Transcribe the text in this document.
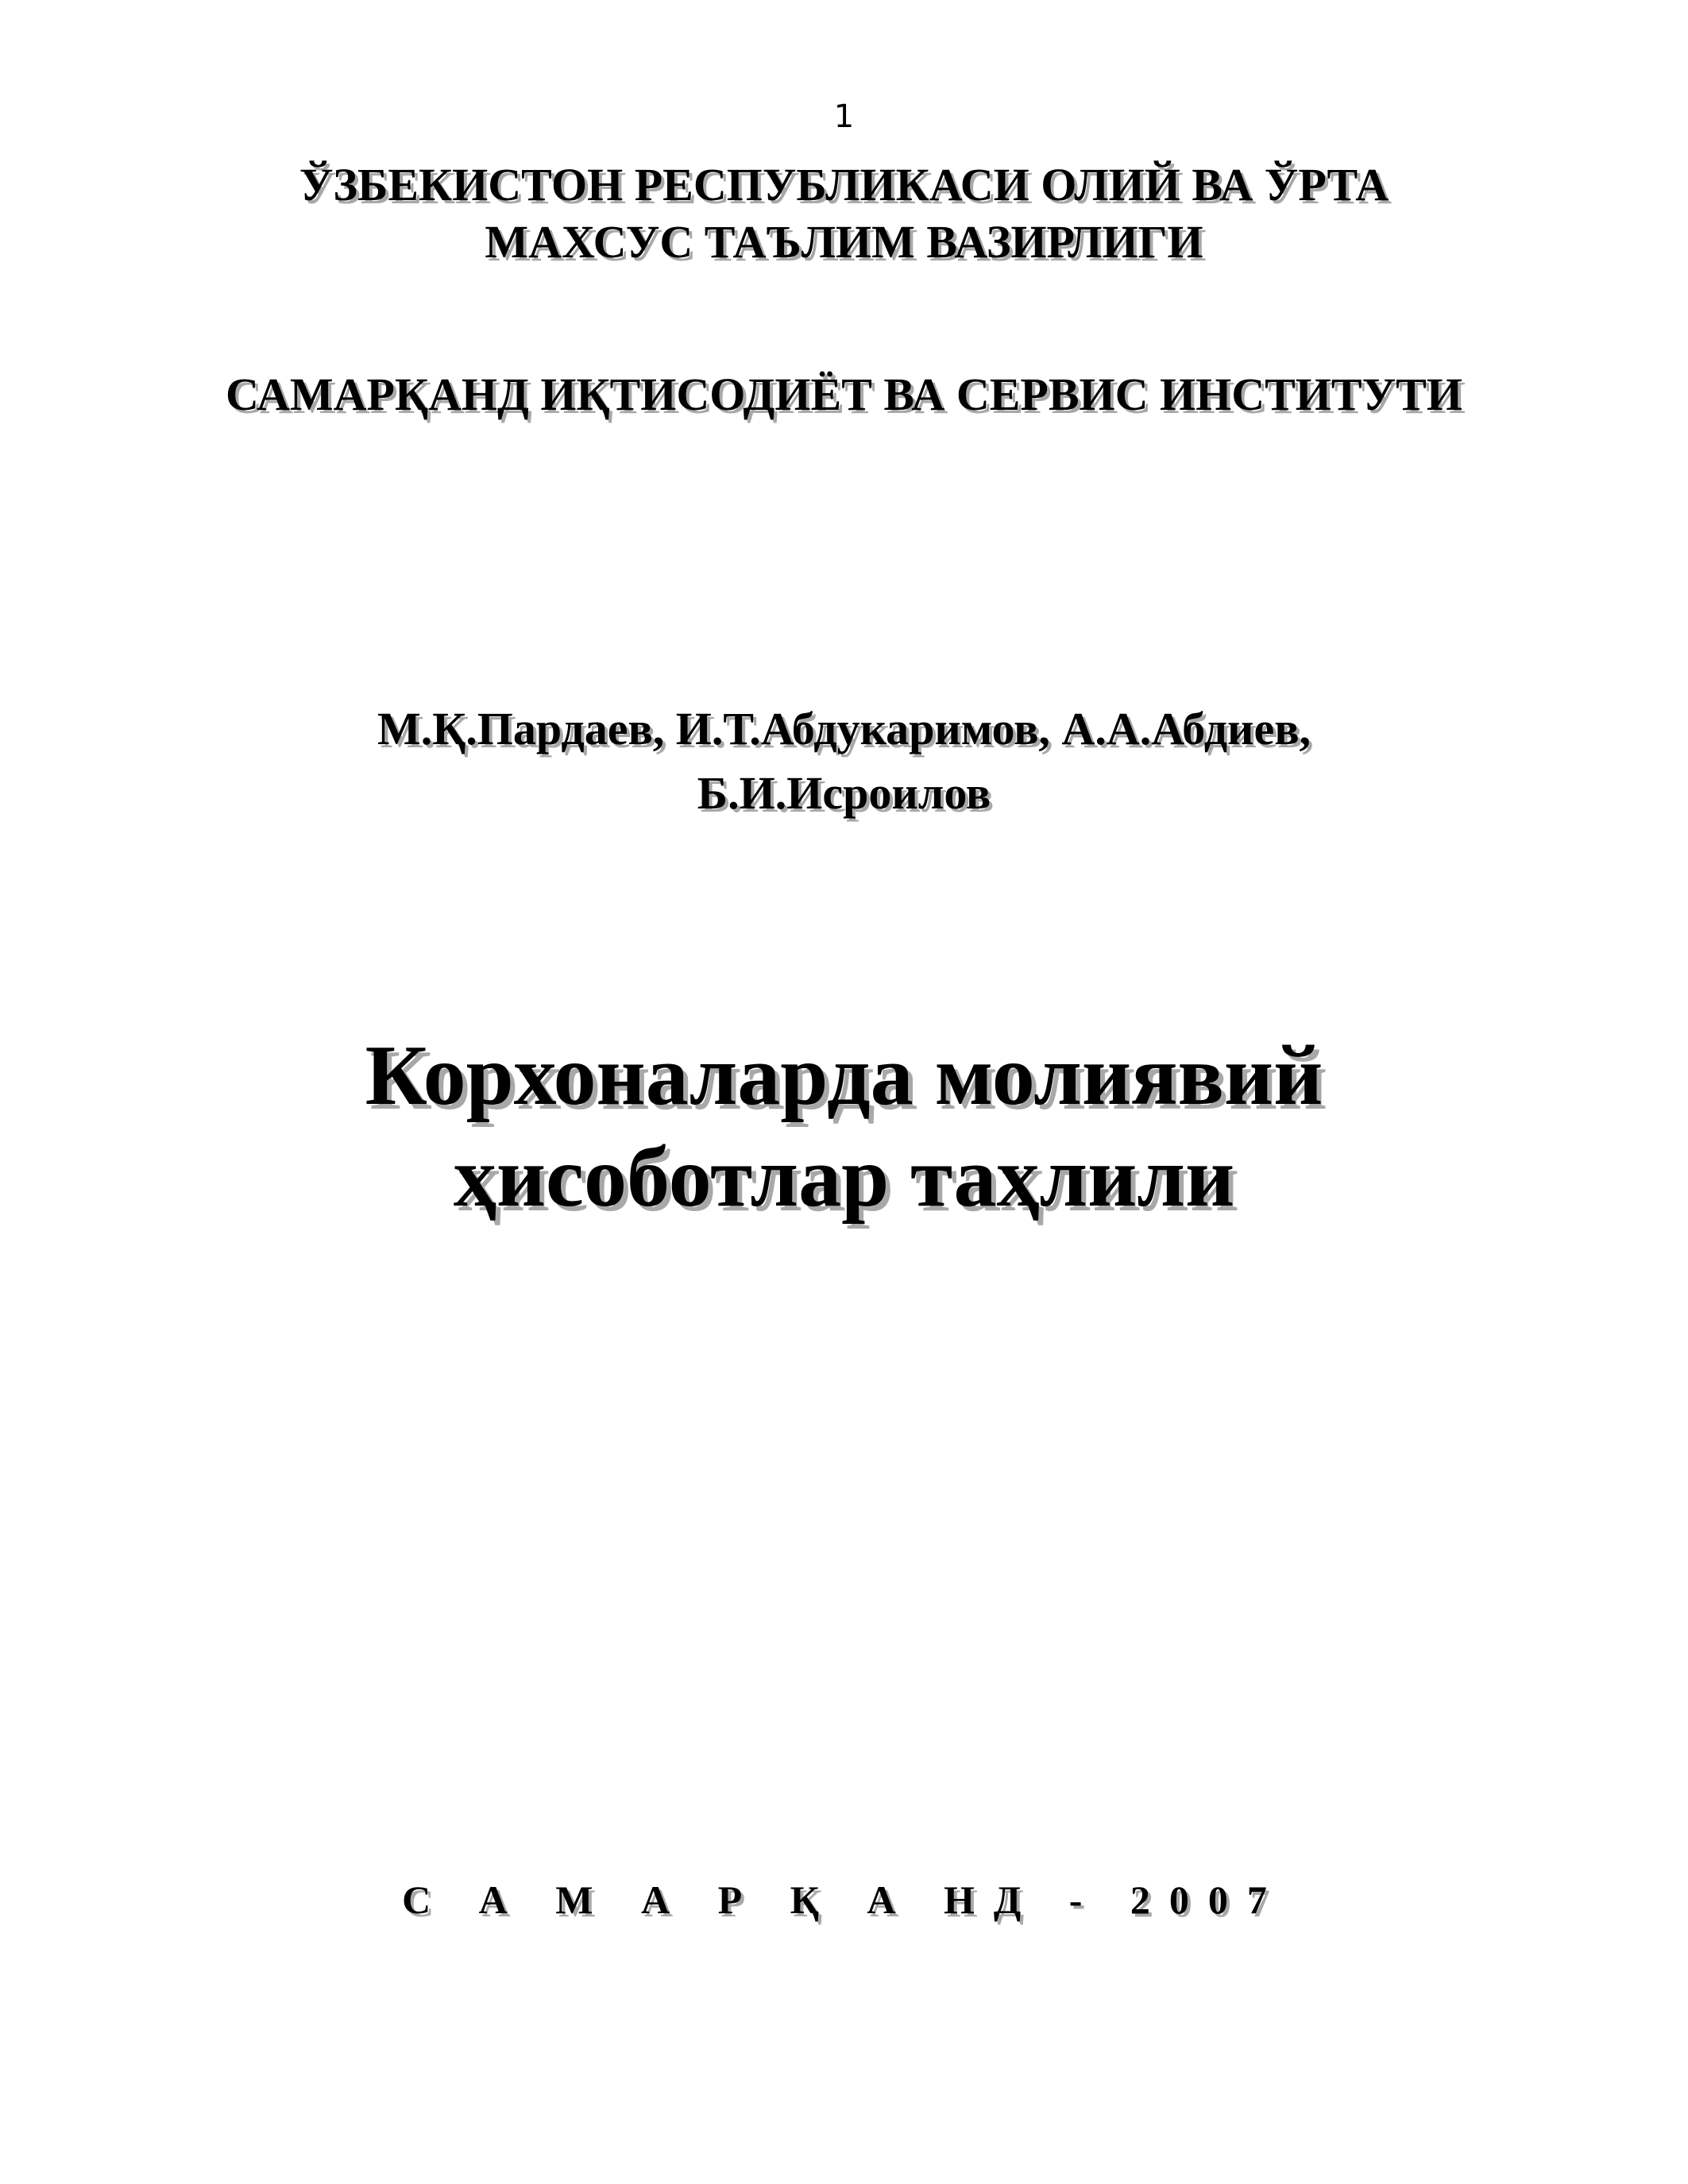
1
ЎЗБЕКИСТОН РЕСПУБЛИКАСИ ОЛИЙ ВА ЎРТА
МАХСУС ТАЪЛИМ ВАЗИРЛИГИ
САМАРҚАНД ИҚТИСОДИЁТ ВА СЕРВИС ИНСТИТУТИ
М.Қ.Пардаев, И.Т.Абдукаримов, А.А.Абдиев,
Б.И.Исроилов
Корхоналарда молиявий
ҳисоботлар таҳлили
С А М А Р Қ А НД - 2007
